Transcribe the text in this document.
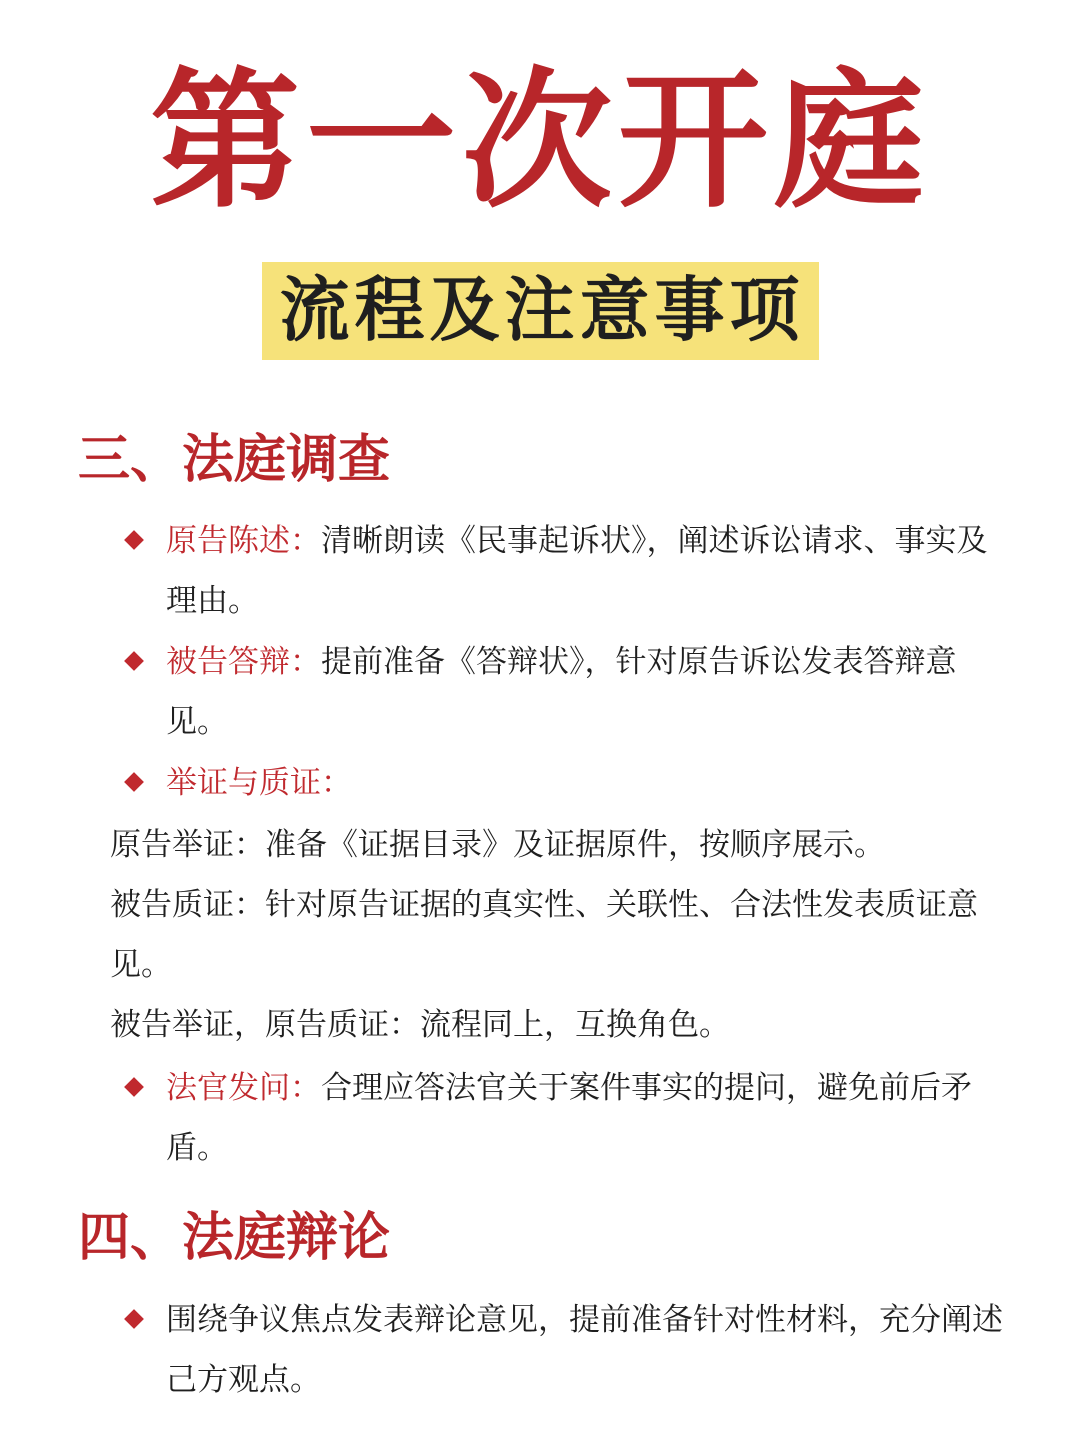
第一次开庭
流程及注意事项
三、法庭调查
原告陈述：清晰朗读《民事起诉状》，阐述诉讼请求、事实及
理由。
被告答辩：提前准备《答辩状》，针对原告诉讼发表答辩意
见。
举证与质证：
原告举证：准备《证据目录》及证据原件，按顺序展示。
被告质证：针对原告证据的真实性、关联性、合法性发表质证意
见。
被告举证，原告质证：流程同上，互换角色。
法官发问：合理应答法官关于案件事实的提问，避免前后矛
盾。
四、法庭辩论
围绕争议焦点发表辩论意见，提前准备针对性材料，充分阐述
己方观点。
